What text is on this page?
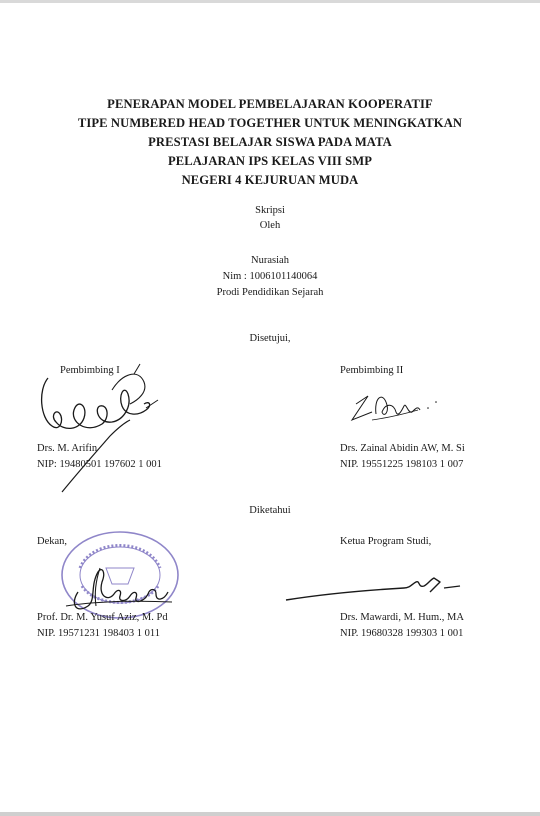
PENERAPAN MODEL PEMBELAJARAN KOOPERATIF
TIPE NUMBERED HEAD TOGETHER UNTUK MENINGKATKAN
PRESTASI BELAJAR SISWA PADA MATA
PELAJARAN IPS KELAS VIII SMP
NEGERI 4 KEJURUAN MUDA
Skripsi
Oleh
Nurasiah
Nim : 1006101140064
Prodi Pendidikan Sejarah
Disetujui,
Pembimbing I
Drs. M. Arifin
NIP: 19480501 197602 1 001
Pembimbing II
Drs. Zainal Abidin AW, M. Si
NIP. 19551225 198103 1 007
Diketahui
Dekan,
Prof. Dr. M. Yusuf Aziz, M. Pd
NIP. 19571231 198403 1 011
Ketua Program Studi,
Drs. Mawardi, M. Hum., MA
NIP. 19680328 199303 1 001
